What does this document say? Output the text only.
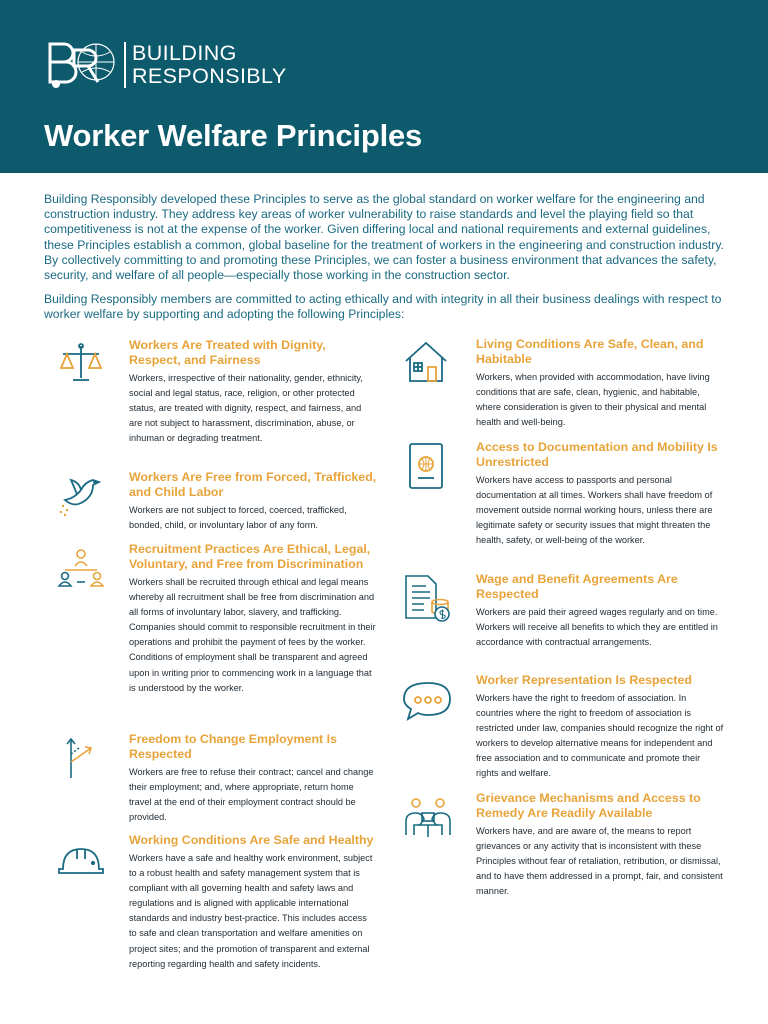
BUILDING
RESPONSIBLY
Worker Welfare Principles

Building Responsibly developed these Principles to serve as the global standard on worker welfare for the engineering and construction industry. They address key areas of worker vulnerability to raise standards and level the playing field so that competitiveness is not at the expense of the worker. Given differing local and national requirements and external guidelines, these Principles establish a common, global baseline for the treatment of workers in the engineering and construction industry. By collectively committing to and promoting these Principles, we can foster a business environment that advances the safety, security, and welfare of all people—especially those working in the construction sector.

Building Responsibly members are committed to acting ethically and with integrity in all their business dealings with respect to worker welfare by supporting and adopting the following Principles:

Workers Are Treated with Dignity, Respect, and Fairness

Workers, irrespective of their nationality, gender, ethnicity, social and legal status, race, religion, or other protected status, are treated with dignity, respect, and fairness, and are not subject to harassment, discrimination, abuse, or inhuman or degrading treatment.

Workers Are Free from Forced, Trafficked, and Child Labor

Workers are not subject to forced, coerced, trafficked, bonded, child, or involuntary labor of any form.

Recruitment Practices Are Ethical, Legal, Voluntary, and Free from Discrimination

Workers shall be recruited through ethical and legal means whereby all recruitment shall be free from discrimination and all forms of involuntary labor, slavery, and trafficking. Companies should commit to responsible recruitment in their operations and prohibit the payment of fees by the worker. Conditions of employment shall be transparent and agreed upon in writing prior to commencing work in a language that is understood by the worker.

Freedom to Change Employment Is Respected

Workers are free to refuse their contract; cancel and change their employment; and, where appropriate, return home travel at the end of their employment contract should be provided.

Working Conditions Are Safe and Healthy

Workers have a safe and healthy work environment, subject to a robust health and safety management system that is compliant with all governing health and safety laws and regulations and is aligned with applicable international standards and industry best-practice. This includes access to safe and clean transportation and welfare amenities on project sites; and the promotion of transparent and external reporting regarding health and safety incidents.

Living Conditions Are Safe, Clean, and Habitable

Workers, when provided with accommodation, have living conditions that are safe, clean, hygienic, and habitable, where consideration is given to their physical and mental health and well-being.

Access to Documentation and Mobility Is Unrestricted

Workers have access to passports and personal documentation at all times. Workers shall have freedom of movement outside normal working hours, unless there are legitimate safety or security issues that might threaten the health, safety, or well-being of the worker.

Wage and Benefit Agreements Are Respected

Workers are paid their agreed wages regularly and on time. Workers will receive all benefits to which they are entitled in accordance with contractual arrangements.

Worker Representation Is Respected

Workers have the right to freedom of association. In countries where the right to freedom of association is restricted under law, companies should recognize the right of workers to develop alternative means for independent and free association and to communicate and promote their rights and welfare.

Grievance Mechanisms and Access to Remedy Are Readily Available

Workers have, and are aware of, the means to report grievances or any activity that is inconsistent with these Principles without fear of retaliation, retribution, or dismissal, and to have them addressed in a prompt, fair, and consistent manner.
